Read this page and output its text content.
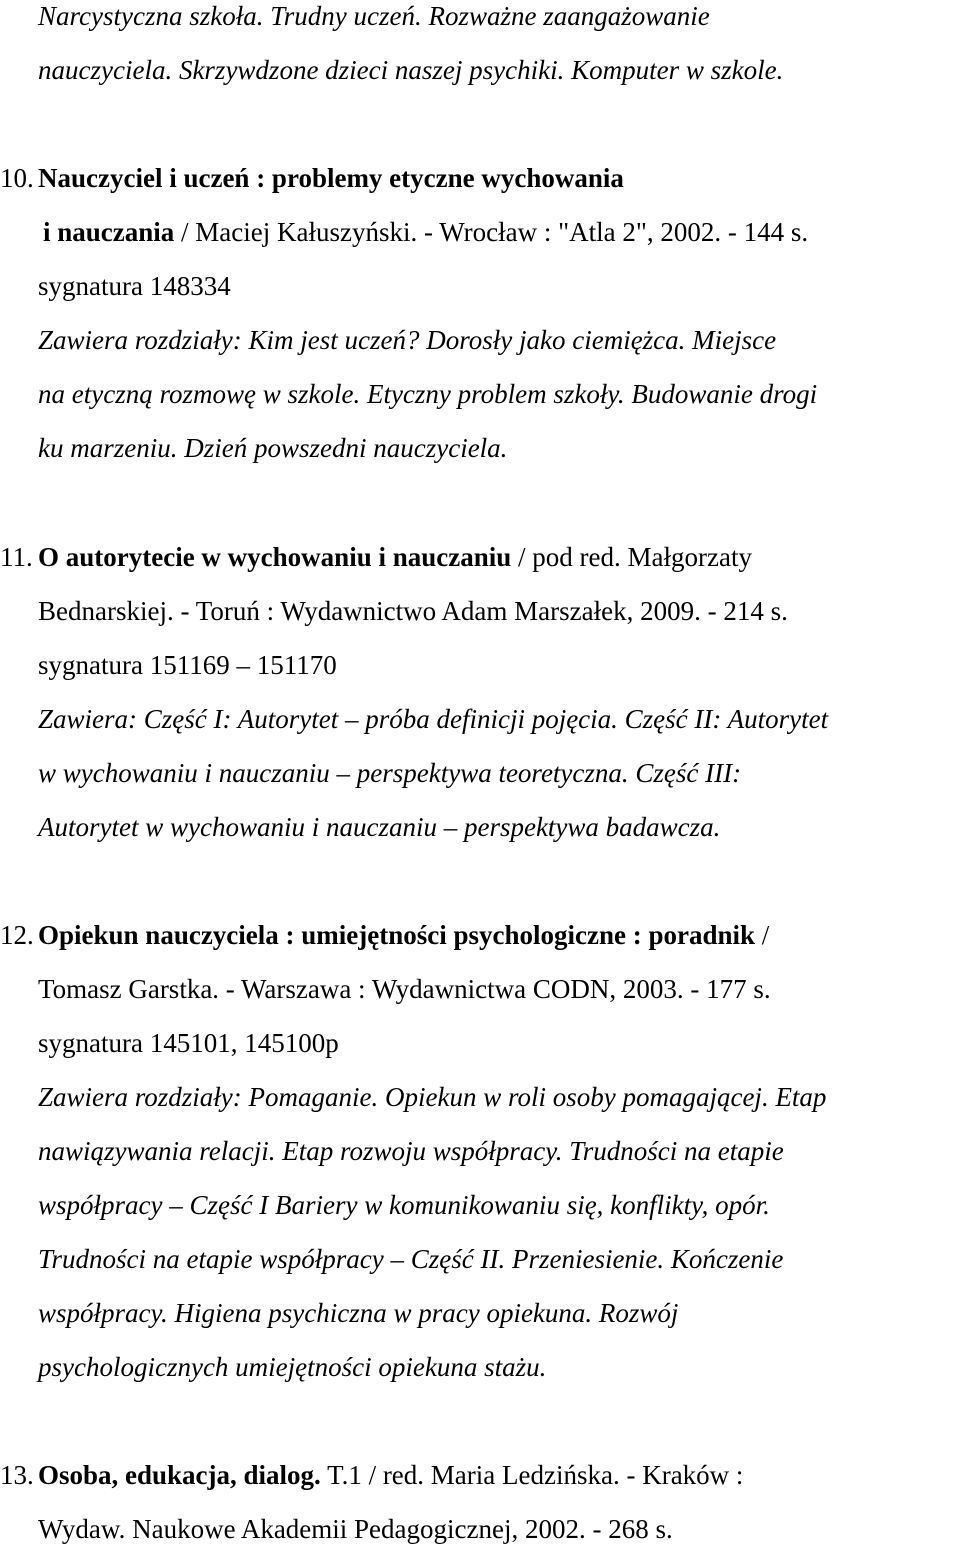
Narcystyczna szkoła. Trudny uczeń. Rozważne zaangażowanie
nauczyciela. Skrzywdzone dzieci naszej psychiki. Komputer w szkole.
10. Nauczyciel i uczeń : problemy etyczne wychowania
i nauczania / Maciej Kałuszyński. - Wrocław : "Atla 2", 2002. - 144 s.
sygnatura 148334
Zawiera rozdziały: Kim jest uczeń? Dorosły jako ciemiężca. Miejsce
na etyczną rozmowę w szkole. Etyczny problem szkoły. Budowanie drogi
ku marzeniu. Dzień powszedni nauczyciela.
11. O autorytecie w wychowaniu i nauczaniu / pod red. Małgorzaty
Bednarskiej. - Toruń : Wydawnictwo Adam Marszałek, 2009. - 214 s.
sygnatura 151169 – 151170
Zawiera: Część I: Autorytet – próba definicji pojęcia. Część II: Autorytet
w wychowaniu i nauczaniu – perspektywa teoretyczna. Część III:
Autorytet w wychowaniu i nauczaniu – perspektywa badawcza.
12. Opiekun nauczyciela : umiejętności psychologiczne : poradnik /
Tomasz Garstka. - Warszawa : Wydawnictwa CODN, 2003. - 177 s.
sygnatura 145101, 145100p
Zawiera rozdziały: Pomaganie. Opiekun w roli osoby pomagającej. Etap
nawiązywania relacji. Etap rozwoju współpracy. Trudności na etapie
współpracy – Część I Bariery w komunikowaniu się, konflikty, opór.
Trudności na etapie współpracy – Część II. Przeniesienie. Kończenie
współpracy. Higiena psychiczna w pracy opiekuna. Rozwój
psychologicznych umiejętności opiekuna stażu.
13. Osoba, edukacja, dialog. T.1 / red. Maria Ledzińska. - Kraków :
Wydaw. Naukowe Akademii Pedagogicznej, 2002. - 268 s.
